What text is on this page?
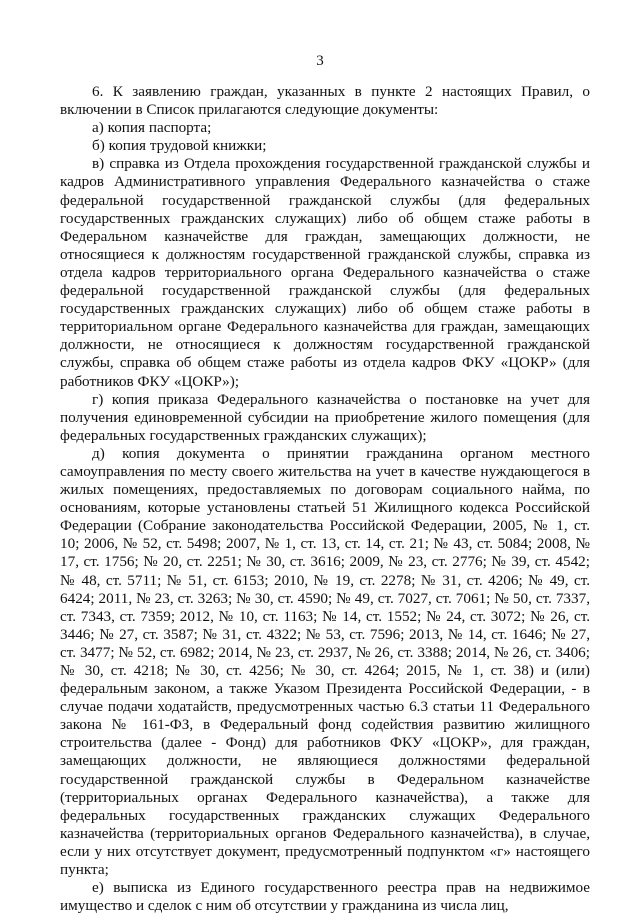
3

6. К заявлению граждан, указанных в пункте 2 настоящих Правил, о включении в Список прилагаются следующие документы:

а) копия паспорта;

б) копия трудовой книжки;

в) справка из Отдела прохождения государственной гражданской службы и кадров Административного управления Федерального казначейства о стаже федеральной государственной гражданской службы (для федеральных государственных гражданских служащих) либо об общем стаже работы в Федеральном казначействе для граждан, замещающих должности, не относящиеся к должностям государственной гражданской службы, справка из отдела кадров территориального органа Федерального казначейства о стаже федеральной государственной гражданской службы (для федеральных государственных гражданских служащих) либо об общем стаже работы в территориальном органе Федерального казначейства для граждан, замещающих должности, не относящиеся к должностям государственной гражданской службы, справка об общем стаже работы из отдела кадров ФКУ «ЦОКР» (для работников ФКУ «ЦОКР»);

г) копия приказа Федерального казначейства о постановке на учет для получения единовременной субсидии на приобретение жилого помещения (для федеральных государственных гражданских служащих);

д) копия документа о принятии гражданина органом местного самоуправления по месту своего жительства на учет в качестве нуждающегося в жилых помещениях, предоставляемых по договорам социального найма, по основаниям, которые установлены статьей 51 Жилищного кодекса Российской Федерации (Собрание законодательства Российской Федерации, 2005, № 1, ст. 10; 2006, № 52, ст. 5498; 2007, № 1, ст. 13, ст. 14, ст. 21; № 43, ст. 5084; 2008, № 17, ст. 1756; № 20, ст. 2251; № 30, ст. 3616; 2009, № 23, ст. 2776; № 39, ст. 4542; № 48, ст. 5711; № 51, ст. 6153; 2010, № 19, ст. 2278; № 31, ст. 4206; № 49, ст. 6424; 2011, № 23, ст. 3263; № 30, ст. 4590; № 49, ст. 7027, ст. 7061; № 50, ст. 7337, ст. 7343, ст. 7359; 2012, № 10, ст. 1163; № 14, ст. 1552; № 24, ст. 3072; № 26, ст. 3446; № 27, ст. 3587; № 31, ст. 4322; № 53, ст. 7596; 2013, № 14, ст. 1646; № 27, ст. 3477; № 52, ст. 6982; 2014, № 23, ст. 2937, № 26, ст. 3388; 2014, № 26, ст. 3406; № 30, ст. 4218; № 30, ст. 4256; № 30, ст. 4264; 2015, № 1, ст. 38) и (или) федеральным законом, а также Указом Президента Российской Федерации, - в случае подачи ходатайств, предусмотренных частью 6.3 статьи 11 Федерального закона № 161-ФЗ, в Федеральный фонд содействия развитию жилищного строительства (далее - Фонд) для работников ФКУ «ЦОКР», для граждан, замещающих должности, не являющиеся должностями федеральной государственной гражданской службы в Федеральном казначействе (территориальных органах Федерального казначейства), а также для федеральных государственных гражданских служащих Федерального казначейства (территориальных органов Федерального казначейства), в случае, если у них отсутствует документ, предусмотренный подпунктом «г» настоящего пункта;

е) выписка из Единого государственного реестра прав на недвижимое имущество и сделок с ним об отсутствии у гражданина из числа лиц,
